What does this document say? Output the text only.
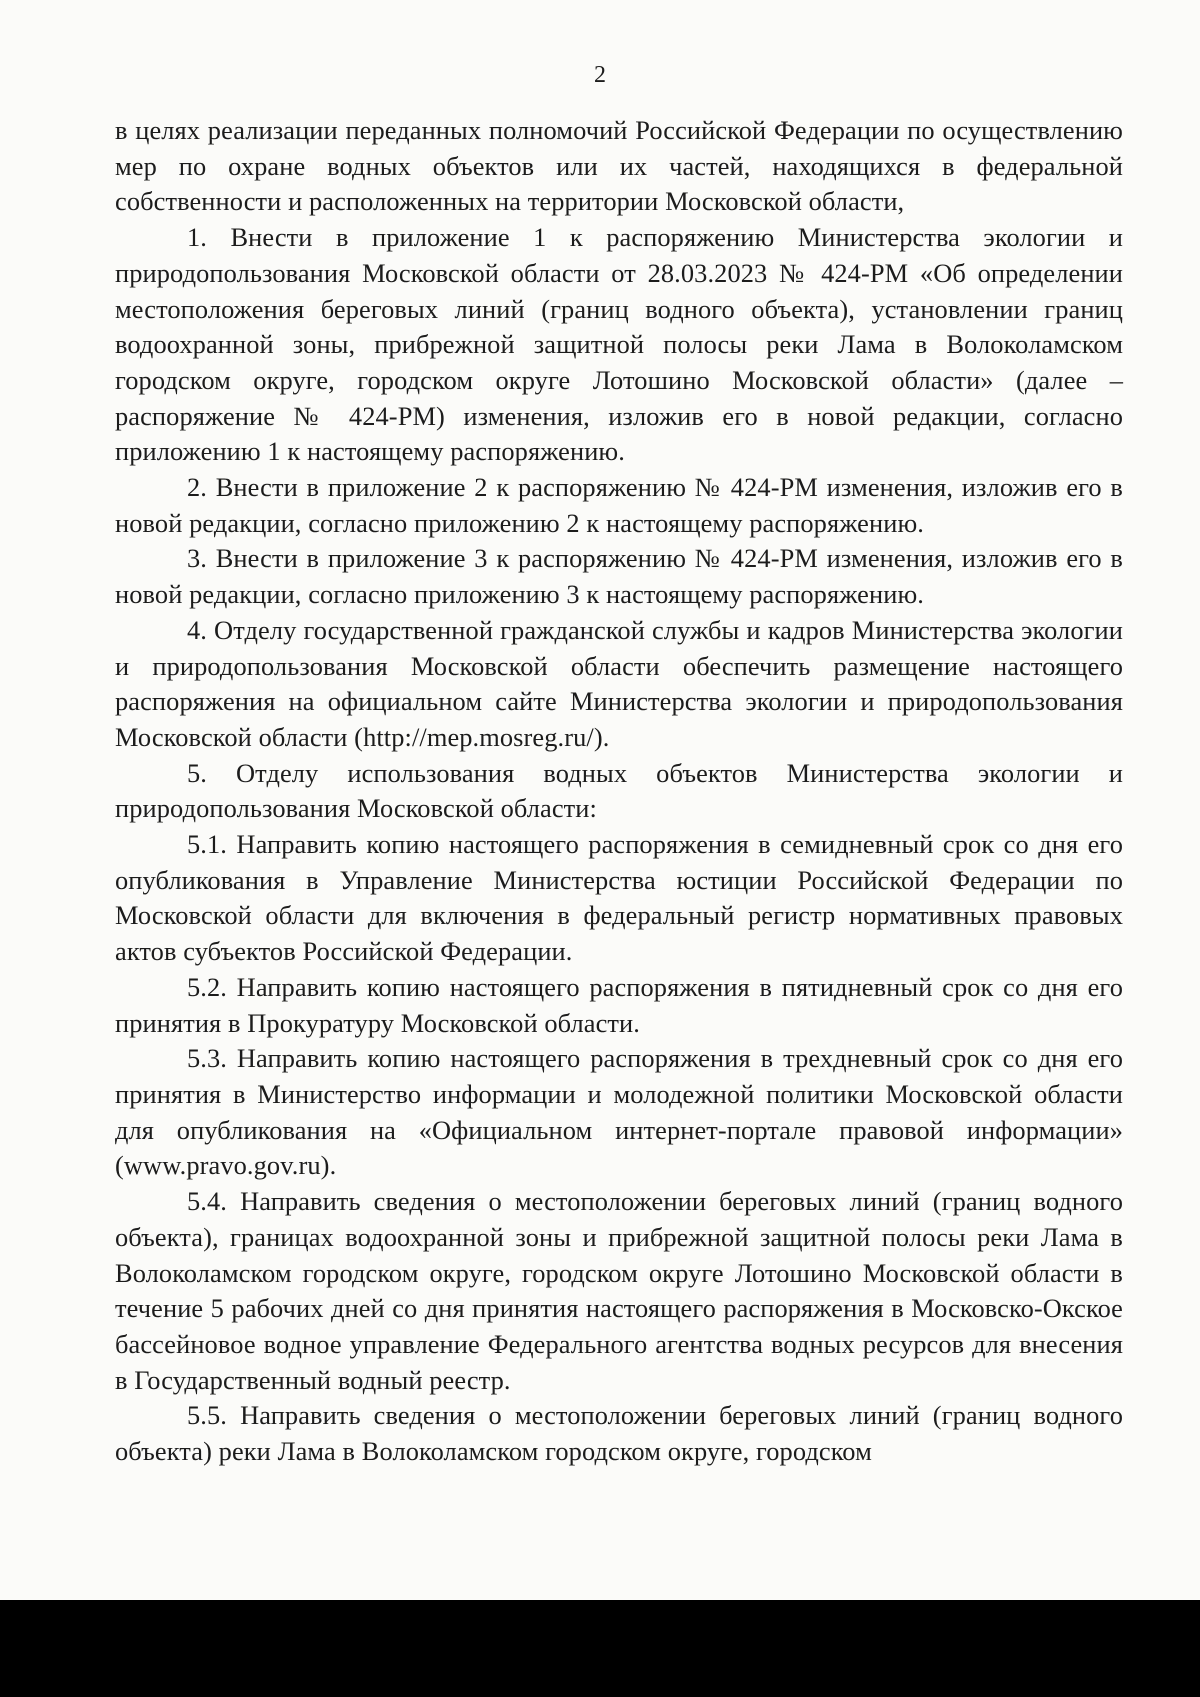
2

в целях реализации переданных полномочий Российской Федерации по осуществлению мер по охране водных объектов или их частей, находящихся в федеральной собственности и расположенных на территории Московской области,

1. Внести в приложение 1 к распоряжению Министерства экологии и природопользования Московской области от 28.03.2023 № 424-РМ «Об определении местоположения береговых линий (границ водного объекта), установлении границ водоохранной зоны, прибрежной защитной полосы реки Лама в Волоколамском городском округе, городском округе Лотошино Московской области» (далее – распоряжение № 424-РМ) изменения, изложив его в новой редакции, согласно приложению 1 к настоящему распоряжению.

2. Внести в приложение 2 к распоряжению № 424-РМ изменения, изложив его в новой редакции, согласно приложению 2 к настоящему распоряжению.

3. Внести в приложение 3 к распоряжению № 424-РМ изменения, изложив его в новой редакции, согласно приложению 3 к настоящему распоряжению.

4. Отделу государственной гражданской службы и кадров Министерства экологии и природопользования Московской области обеспечить размещение настоящего распоряжения на официальном сайте Министерства экологии и природопользования Московской области (http://mep.mosreg.ru/).

5. Отделу использования водных объектов Министерства экологии и природопользования Московской области:

5.1. Направить копию настоящего распоряжения в семидневный срок со дня его опубликования в Управление Министерства юстиции Российской Федерации по Московской области для включения в федеральный регистр нормативных правовых актов субъектов Российской Федерации.

5.2. Направить копию настоящего распоряжения в пятидневный срок со дня его принятия в Прокуратуру Московской области.

5.3. Направить копию настоящего распоряжения в трехдневный срок со дня его принятия в Министерство информации и молодежной политики Московской области для опубликования на «Официальном интернет-портале правовой информации» (www.pravo.gov.ru).

5.4. Направить сведения о местоположении береговых линий (границ водного объекта), границах водоохранной зоны и прибрежной защитной полосы реки Лама в Волоколамском городском округе, городском округе Лотошино Московской области в течение 5 рабочих дней со дня принятия настоящего распоряжения в Московско-Окское бассейновое водное управление Федерального агентства водных ресурсов для внесения в Государственный водный реестр.

5.5. Направить сведения о местоположении береговых линий (границ водного объекта) реки Лама в Волоколамском городском округе, городском
